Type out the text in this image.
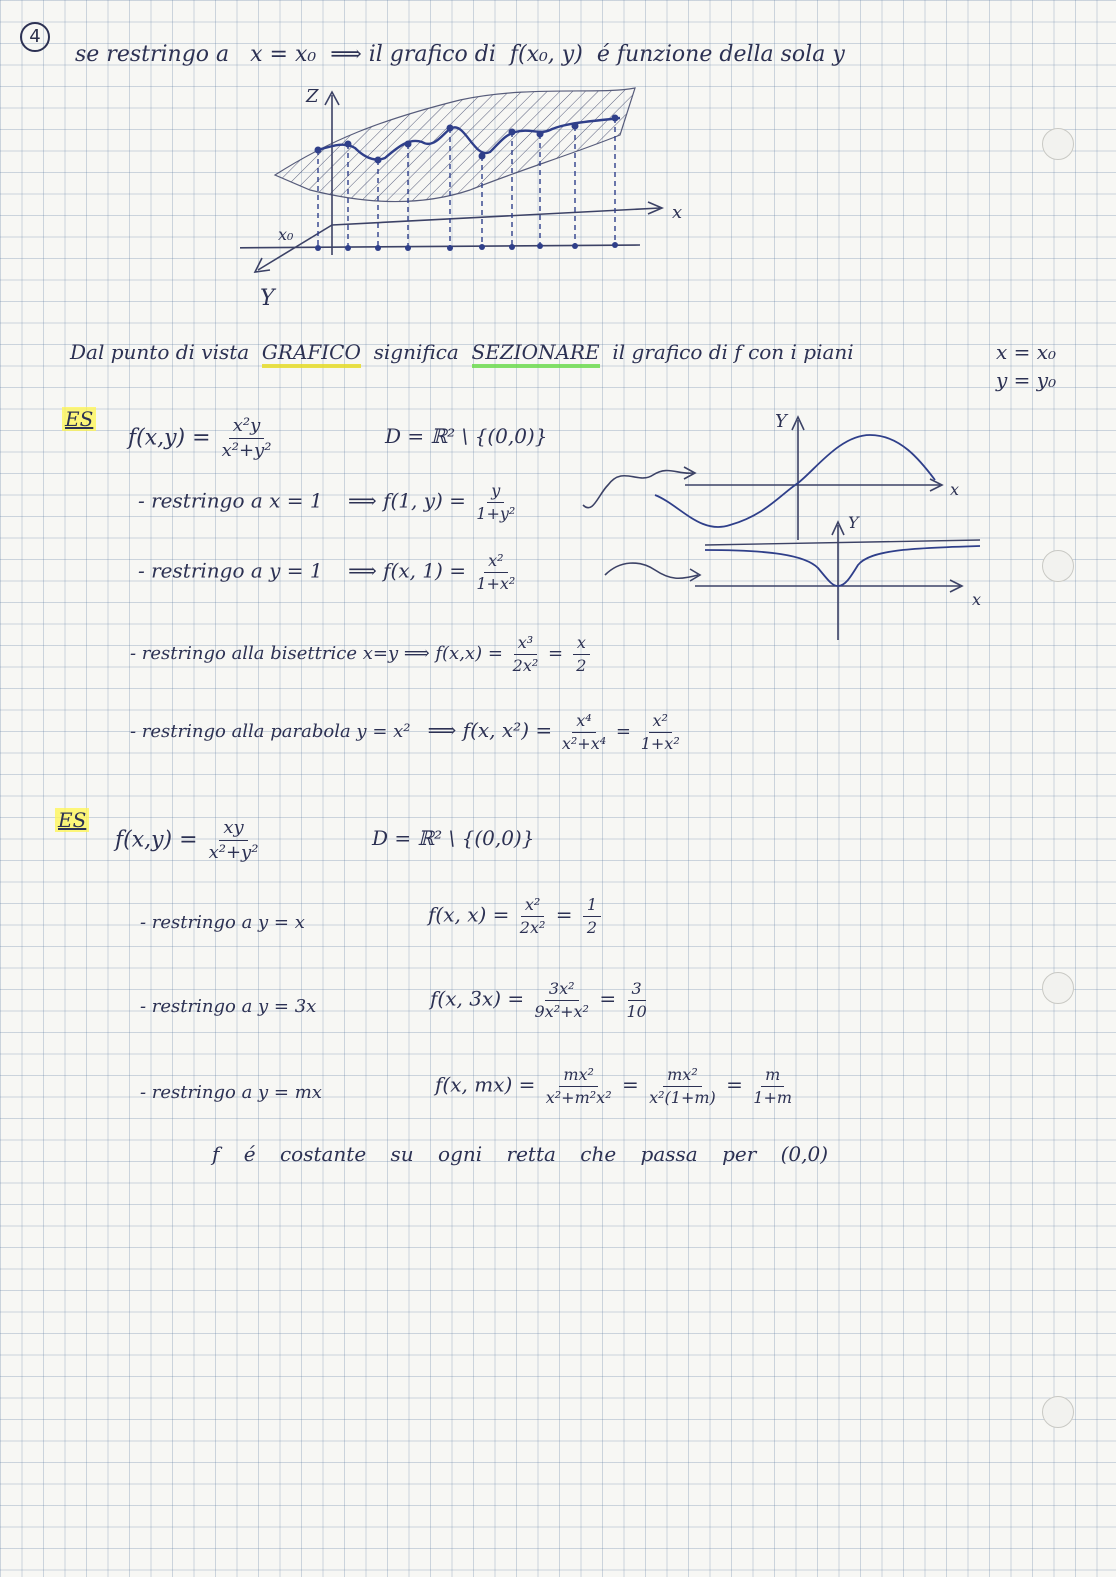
4
se restringo a x = x₀ ⟹ il grafico di f(x₀, y) é funzione della sola y
Z
x
Y
x₀
Dal punto di vista GRAFICO significa SEZIONARE il grafico di f con i piani	x = x₀
y = y₀
ES
$f(x,y) = \frac{\text{x²y}}{\text{x²+y²}}$	D = ℝ² \ {(0,0)}
- restringo a x = 1 ⟹ f(1, $y) = \frac{y}{\text{1+y²}}$
- restringo a y = 1 ⟹ f(x, $1) = \frac{\text{x²}}{\text{1+x²}}$
- restringo alla bisettrice x=y ⟹ $f(x,x) = \frac{\text{x³}}{\text{2x²}} = \frac{x}{2}$
- restringo alla parabola y = x² ⟹ f(x, $x^2) = \frac{\text{x⁴}}{\text{x²+x⁴}} = \frac{\text{x²}}{\text{1+x²}}$
Y
x
Y
x
ES
$f(x,y) = \frac{xy}{\text{x²+y²}}$	D = ℝ² \ {(0,0)}
- restringo a y = x	f(x, $x) = \frac{\text{x²}}{\text{2x²}} = \frac{1}{2}$
- restringo a y = 3x	f(x, $3x) = \frac{\text{3x²}}{\text{9x²+x²}} = \frac{3}{10}$
- restringo a y = mx	f(x, $mx) = \frac{\text{mx²}}{\text{x²+m²x²}} = \frac{\text{mx²}}{\text{x²(1+m)}} = \frac{m}{1+m}$
f é costante su ogni retta che passa per (0,0)
